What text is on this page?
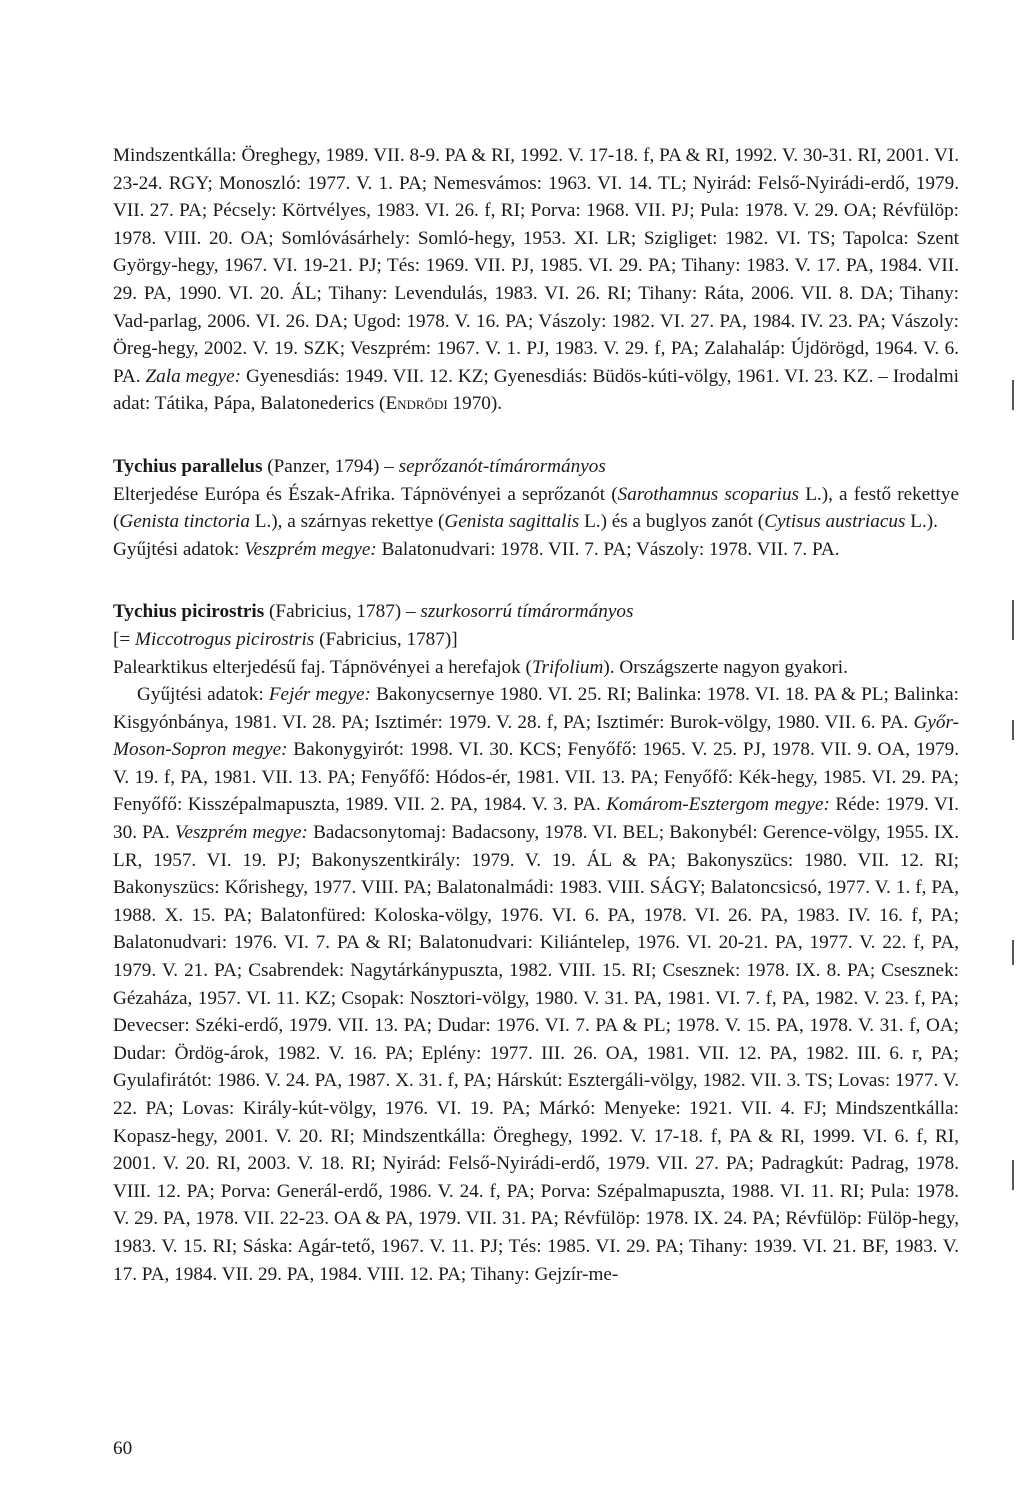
Mindszentkálla: Öreghegy, 1989. VII. 8-9. PA & RI, 1992. V. 17-18. f, PA & RI, 1992. V. 30-31. RI, 2001. VI. 23-24. RGY; Monoszló: 1977. V. 1. PA; Nemesvámos: 1963. VI. 14. TL; Nyirád: Felső-Nyirádi-erdő, 1979. VII. 27. PA; Pécsely: Körtvélyes, 1983. VI. 26. f, RI; Porva: 1968. VII. PJ; Pula: 1978. V. 29. OA; Révfülöp: 1978. VIII. 20. OA; Somlóvásárhely: Somló-hegy, 1953. XI. LR; Szigliget: 1982. VI. TS; Tapolca: Szent György-hegy, 1967. VI. 19-21. PJ; Tés: 1969. VII. PJ, 1985. VI. 29. PA; Tihany: 1983. V. 17. PA, 1984. VII. 29. PA, 1990. VI. 20. ÁL; Tihany: Levendulás, 1983. VI. 26. RI; Tihany: Ráta, 2006. VII. 8. DA; Tihany: Vad-parlag, 2006. VI. 26. DA; Ugod: 1978. V. 16. PA; Vászoly: 1982. VI. 27. PA, 1984. IV. 23. PA; Vászoly: Öreg-hegy, 2002. V. 19. SZK; Veszprém: 1967. V. 1. PJ, 1983. V. 29. f, PA; Zalahaláp: Újdörögd, 1964. V. 6. PA. Zala megye: Gyenesdiás: 1949. VII. 12. KZ; Gyenesdiás: Büdös-kúti-völgy, 1961. VI. 23. KZ. – Irodalmi adat: Tátika, Pápa, Balatonederics (Endrődi 1970).

Tychius parallelus (Panzer, 1794) – seprőzanót-tímárormányos

Elterjedése Európa és Észak-Afrika. Tápnövényei a seprőzanót (Sarothamnus scoparius L.), a festő rekettye (Genista tinctoria L.), a szárnyas rekettye (Genista sagittalis L.) és a buglyos zanót (Cytisus austriacus L.).

Gyűjtési adatok: Veszprém megye: Balatonudvari: 1978. VII. 7. PA; Vászoly: 1978. VII. 7. PA.

Tychius picirostris (Fabricius, 1787) – szurkosorrú tímárormányos

[= Miccotrogus picirostris (Fabricius, 1787)]

Palearktikus elterjedésű faj. Tápnövényei a herefajok (Trifolium). Országszerte nagyon gyakori.

Gyűjtési adatok: Fejér megye: Bakonycsernye 1980. VI. 25. RI; Balinka: 1978. VI. 18. PA & PL; Balinka: Kisgyónbánya, 1981. VI. 28. PA; Isztimér: 1979. V. 28. f, PA; Isztimér: Burok-völgy, 1980. VII. 6. PA. Győr-Moson-Sopron megye: Bakonygyirót: 1998. VI. 30. KCS; Fenyőfő: 1965. V. 25. PJ, 1978. VII. 9. OA, 1979. V. 19. f, PA, 1981. VII. 13. PA; Fenyőfő: Hódos-ér, 1981. VII. 13. PA; Fenyőfő: Kék-hegy, 1985. VI. 29. PA; Fenyőfő: Kisszépalmapuszta, 1989. VII. 2. PA, 1984. V. 3. PA. Komárom-Esztergom megye: Réde: 1979. VI. 30. PA. Veszprém megye: Badacsonytomaj: Badacsony, 1978. VI. BEL; Bakonybél: Gerence-völgy, 1955. IX. LR, 1957. VI. 19. PJ; Bakonyszentkirály: 1979. V. 19. ÁL & PA; Bakonyszücs: 1980. VII. 12. RI; Bakonyszücs: Kőrishegy, 1977. VIII. PA; Balatonalmádi: 1983. VIII. SÁGY; Balatoncsicsó, 1977. V. 1. f, PA, 1988. X. 15. PA; Balatonfüred: Koloska-völgy, 1976. VI. 6. PA, 1978. VI. 26. PA, 1983. IV. 16. f, PA; Balatonudvari: 1976. VI. 7. PA & RI; Balatonudvari: Kiliántelep, 1976. VI. 20-21. PA, 1977. V. 22. f, PA, 1979. V. 21. PA; Csabrendek: Nagytárkánypuszta, 1982. VIII. 15. RI; Csesznek: 1978. IX. 8. PA; Csesznek: Gézaháza, 1957. VI. 11. KZ; Csopak: Nosztori-völgy, 1980. V. 31. PA, 1981. VI. 7. f, PA, 1982. V. 23. f, PA; Devecser: Széki-erdő, 1979. VII. 13. PA; Dudar: 1976. VI. 7. PA & PL; 1978. V. 15. PA, 1978. V. 31. f, OA; Dudar: Ördög-árok, 1982. V. 16. PA; Eplény: 1977. III. 26. OA, 1981. VII. 12. PA, 1982. III. 6. r, PA; Gyulafirátót: 1986. V. 24. PA, 1987. X. 31. f, PA; Hárskút: Esztergáli-völgy, 1982. VII. 3. TS; Lovas: 1977. V. 22. PA; Lovas: Király-kút-völgy, 1976. VI. 19. PA; Márkó: Menyeke: 1921. VII. 4. FJ; Mindszentkálla: Kopasz-hegy, 2001. V. 20. RI; Mindszentkálla: Öreghegy, 1992. V. 17-18. f, PA & RI, 1999. VI. 6. f, RI, 2001. V. 20. RI, 2003. V. 18. RI; Nyirád: Felső-Nyirádi-erdő, 1979. VII. 27. PA; Padragkút: Padrag, 1978. VIII. 12. PA; Porva: Generál-erdő, 1986. V. 24. f, PA; Porva: Szépalmapuszta, 1988. VI. 11. RI; Pula: 1978. V. 29. PA, 1978. VII. 22-23. OA & PA, 1979. VII. 31. PA; Révfülöp: 1978. IX. 24. PA; Révfülöp: Fülöp-hegy, 1983. V. 15. RI; Sáska: Agár-tető, 1967. V. 11. PJ; Tés: 1985. VI. 29. PA; Tihany: 1939. VI. 21. BF, 1983. V. 17. PA, 1984. VII. 29. PA, 1984. VIII. 12. PA; Tihany: Gejzír-me-

60
